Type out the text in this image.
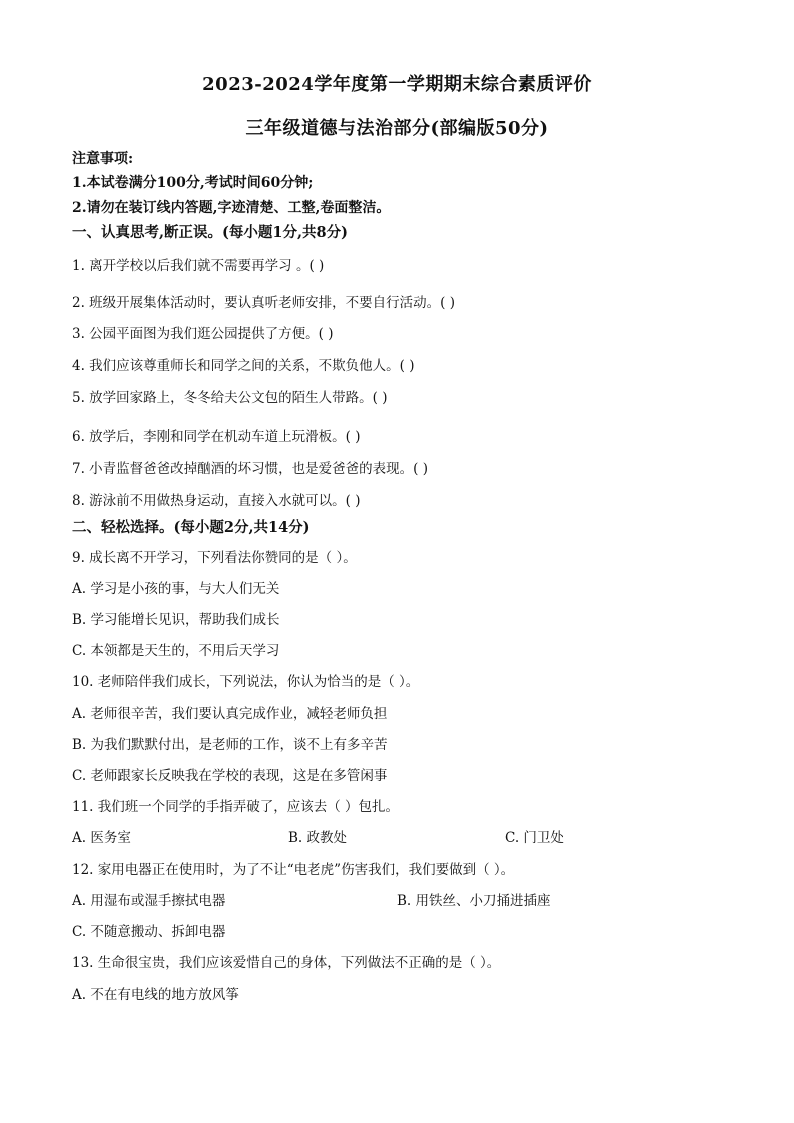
2023-2024学年度第一学期期末综合素质评价
三年级道德与法治部分(部编版50分)
注意事项:
1.本试卷满分100分,考试时间60分钟;
2.请勿在装订线内答题,字迹清楚、工整,卷面整洁。
一、认真思考,断正误。(每小题1分,共8分)
1. 离开学校以后我们就不需要再学习 。( )
2. 班级开展集体活动时，要认真听老师安排，不要自行活动。( )
3. 公园平面图为我们逛公园提供了方便。( )
4. 我们应该尊重师长和同学之间的关系，不欺负他人。( )
5. 放学回家路上，冬冬给夫公文包的陌生人带路。( )
6. 放学后，李刚和同学在机动车道上玩滑板。( )
7. 小青监督爸爸改掉酗酒的坏习惯，也是爱爸爸的表现。( )
8. 游泳前不用做热身运动，直接入水就可以。( )
二、轻松选择。(每小题2分,共14分)
9. 成长离不开学习，下列看法你赞同的是（ ）。
A. 学习是小孩的事，与大人们无关
B. 学习能增长见识，帮助我们成长
C. 本领都是天生的，不用后天学习
10. 老师陪伴我们成长，下列说法，你认为恰当的是（ ）。
A. 老师很辛苦，我们要认真完成作业，减轻老师负担
B. 为我们默默付出，是老师的工作，谈不上有多辛苦
C. 老师跟家长反映我在学校的表现，这是在多管闲事
11. 我们班一个同学的手指弄破了，应该去（ ）包扎。
A. 医务室	B. 政教处	C. 门卫处
12. 家用电器正在使用时，为了不让“电老虎”伤害我们，我们要做到（ ）。
A. 用湿布或湿手擦拭电器	B. 用铁丝、小刀捅进插座
C. 不随意搬动、拆卸电器
13. 生命很宝贵，我们应该爱惜自己的身体，下列做法不正确的是（ ）。
A. 不在有电线的地方放风筝
